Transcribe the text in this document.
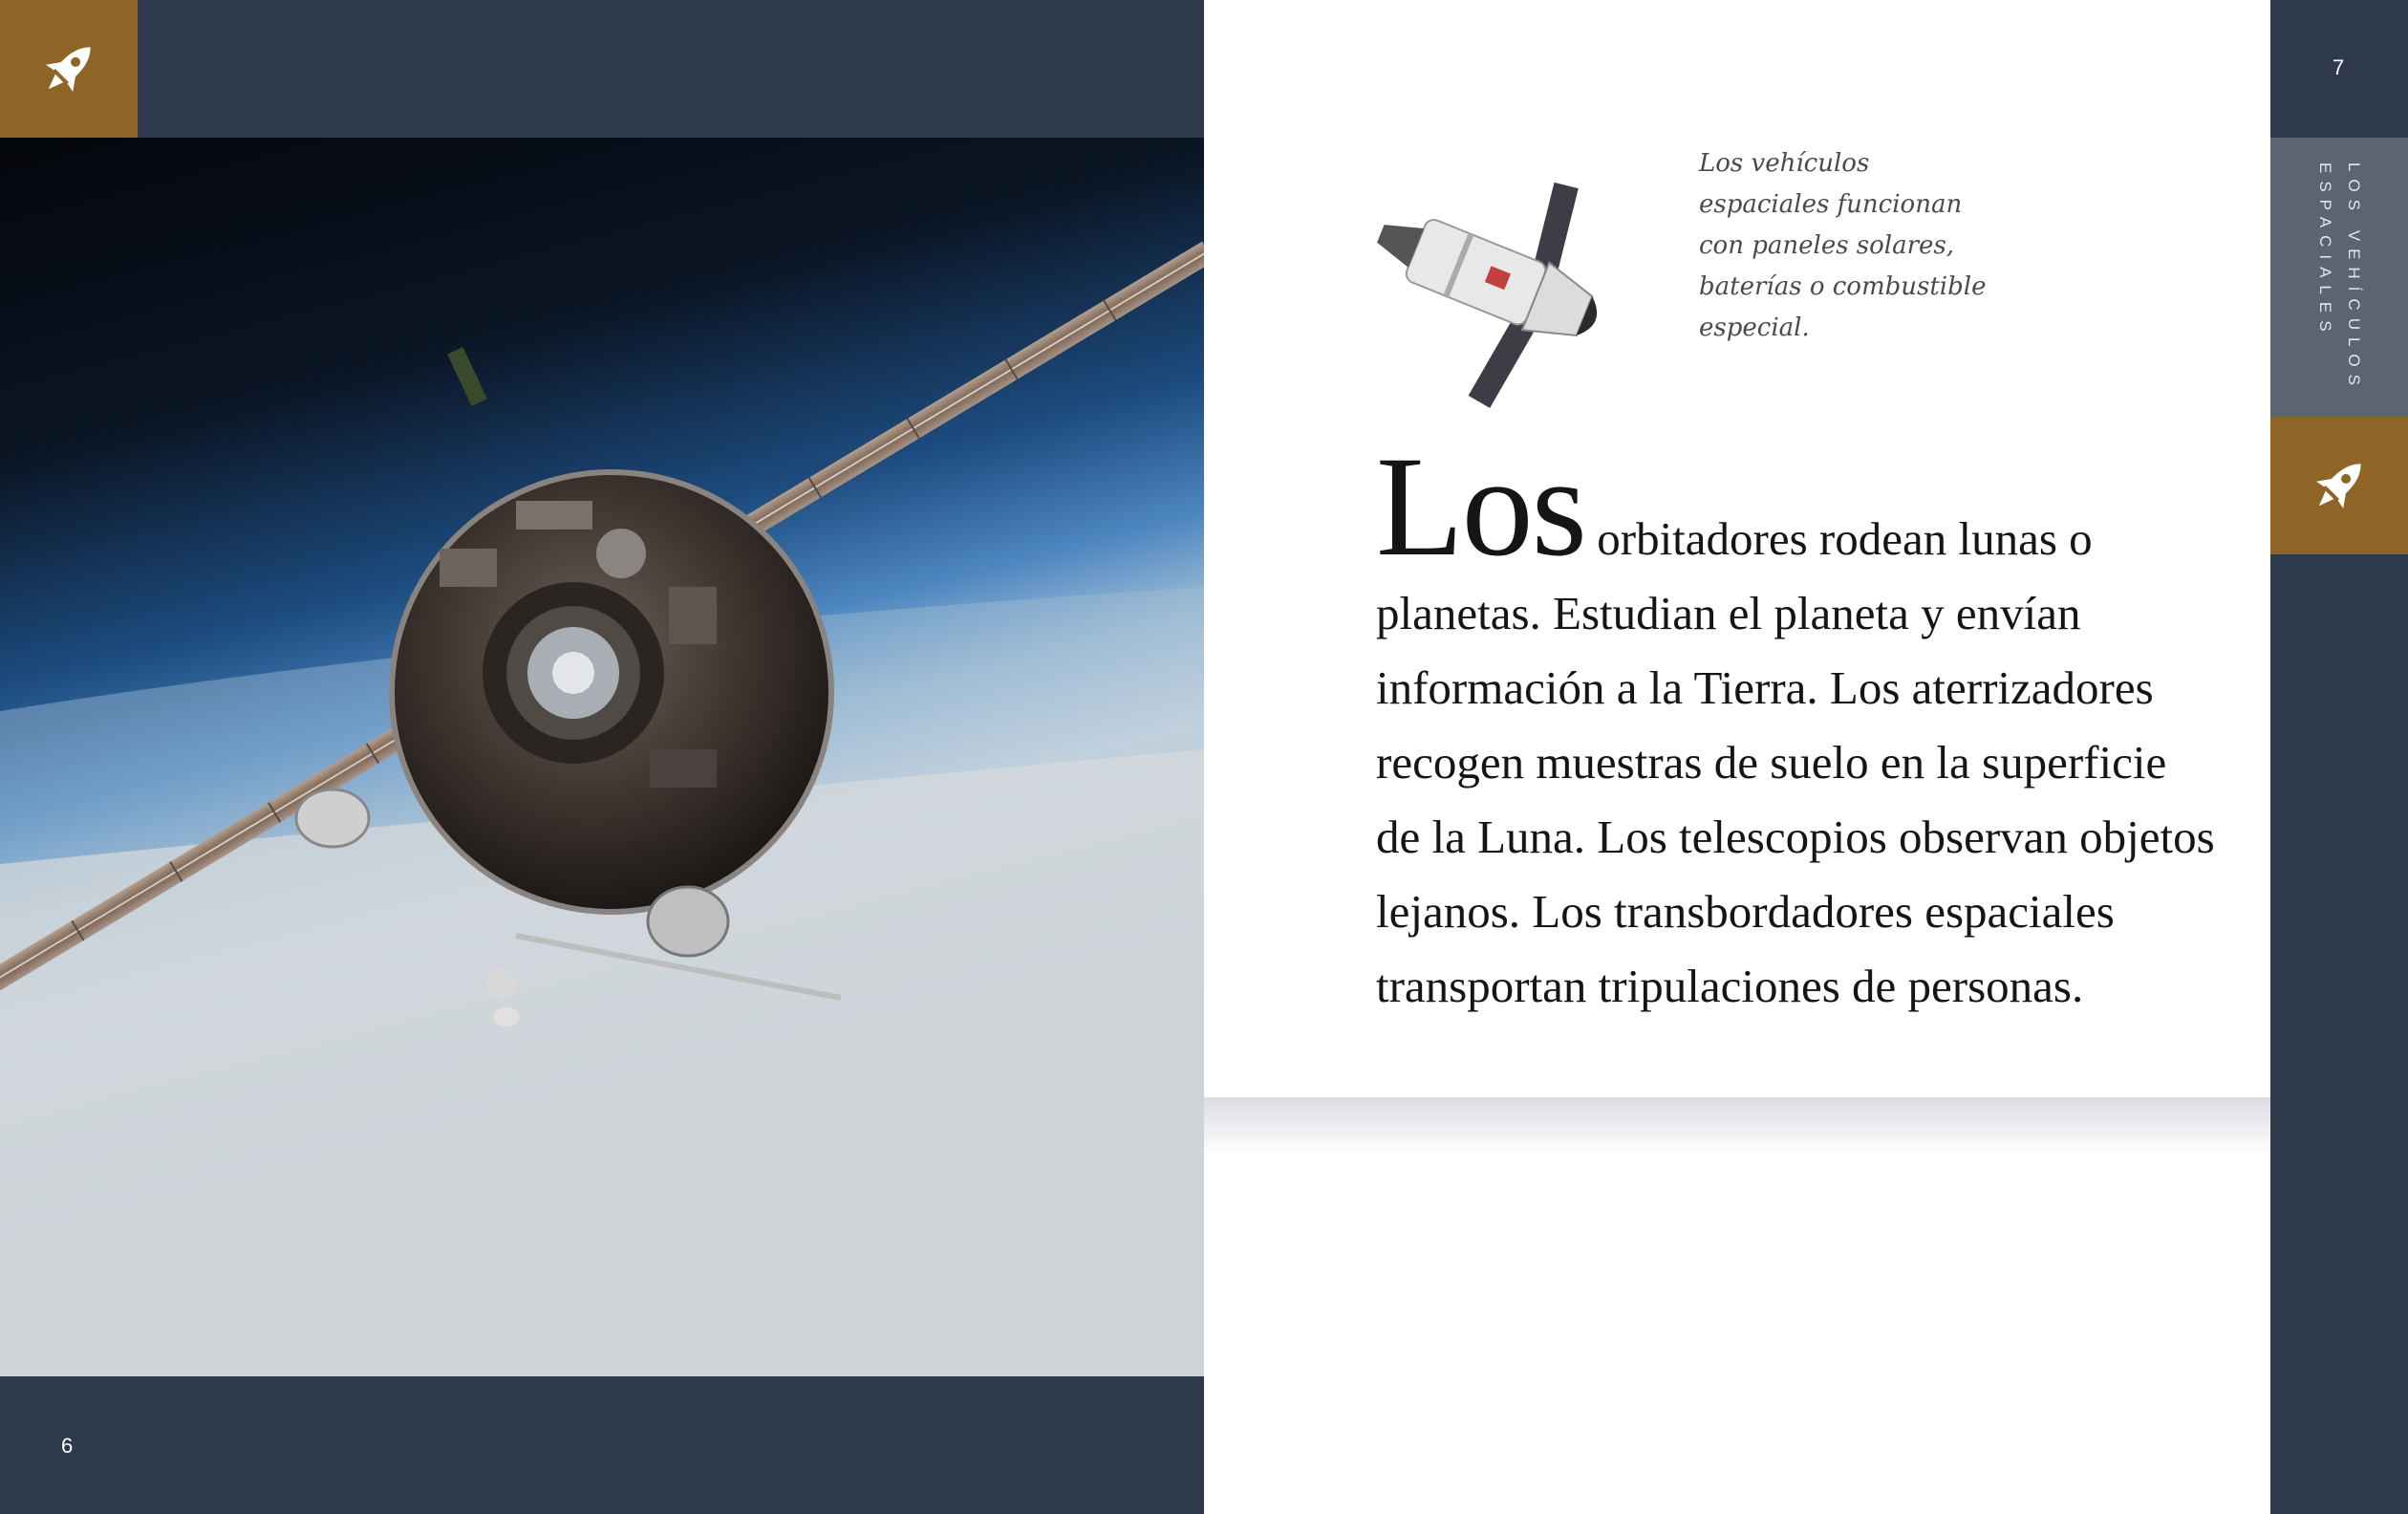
6
Los vehículos espaciales funcionan con paneles solares, baterías o combustible especial.
Los orbitadores rodean lunas o
planetas. Estudian el planeta y envían
información a la Tierra. Los aterrizadores
recogen muestras de suelo en la superficie
de la Luna. Los telescopios observan objetos
lejanos. Los transbordadores espaciales
transportan tripulaciones de personas.
7
LOS VEHÍCULOS
ESPACIALES
